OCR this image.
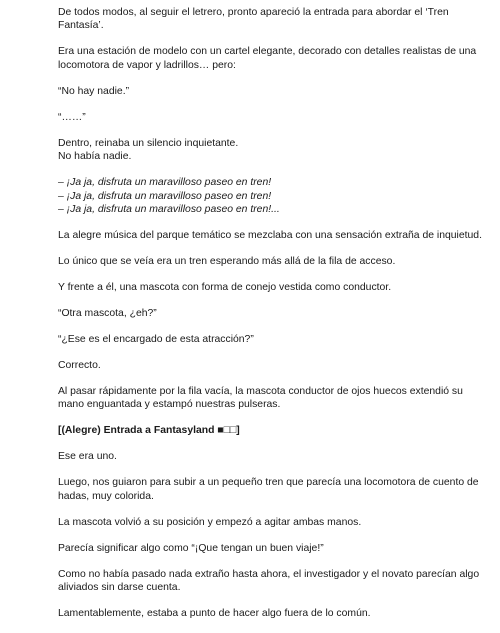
De todos modos, al seguir el letrero, pronto apareció la entrada para abordar el ‘Tren
Fantasía’.

Era una estación de modelo con un cartel elegante, decorado con detalles realistas de una
locomotora de vapor y ladrillos… pero:

“No hay nadie.”

“……”

Dentro, reinaba un silencio inquietante.
No había nadie.

– ¡Ja ja, disfruta un maravilloso paseo en tren!
– ¡Ja ja, disfruta un maravilloso paseo en tren!
– ¡Ja ja, disfruta un maravilloso paseo en tren!...

La alegre música del parque temático se mezclaba con una sensación extraña de inquietud.

Lo único que se veía era un tren esperando más allá de la fila de acceso.

Y frente a él, una mascota con forma de conejo vestida como conductor.

“Otra mascota, ¿eh?”

“¿Ese es el encargado de esta atracción?”

Correcto.

Al pasar rápidamente por la fila vacía, la mascota conductor de ojos huecos extendió su
mano enguantada y estampó nuestras pulseras.

[(Alegre) Entrada a Fantasyland ■□□]

Ese era uno.

Luego, nos guiaron para subir a un pequeño tren que parecía una locomotora de cuento de
hadas, muy colorida.

La mascota volvió a su posición y empezó a agitar ambas manos.

Parecía significar algo como “¡Que tengan un buen viaje!”

Como no había pasado nada extraño hasta ahora, el investigador y el novato parecían algo
aliviados sin darse cuenta.

Lamentablemente, estaba a punto de hacer algo fuera de lo común.
